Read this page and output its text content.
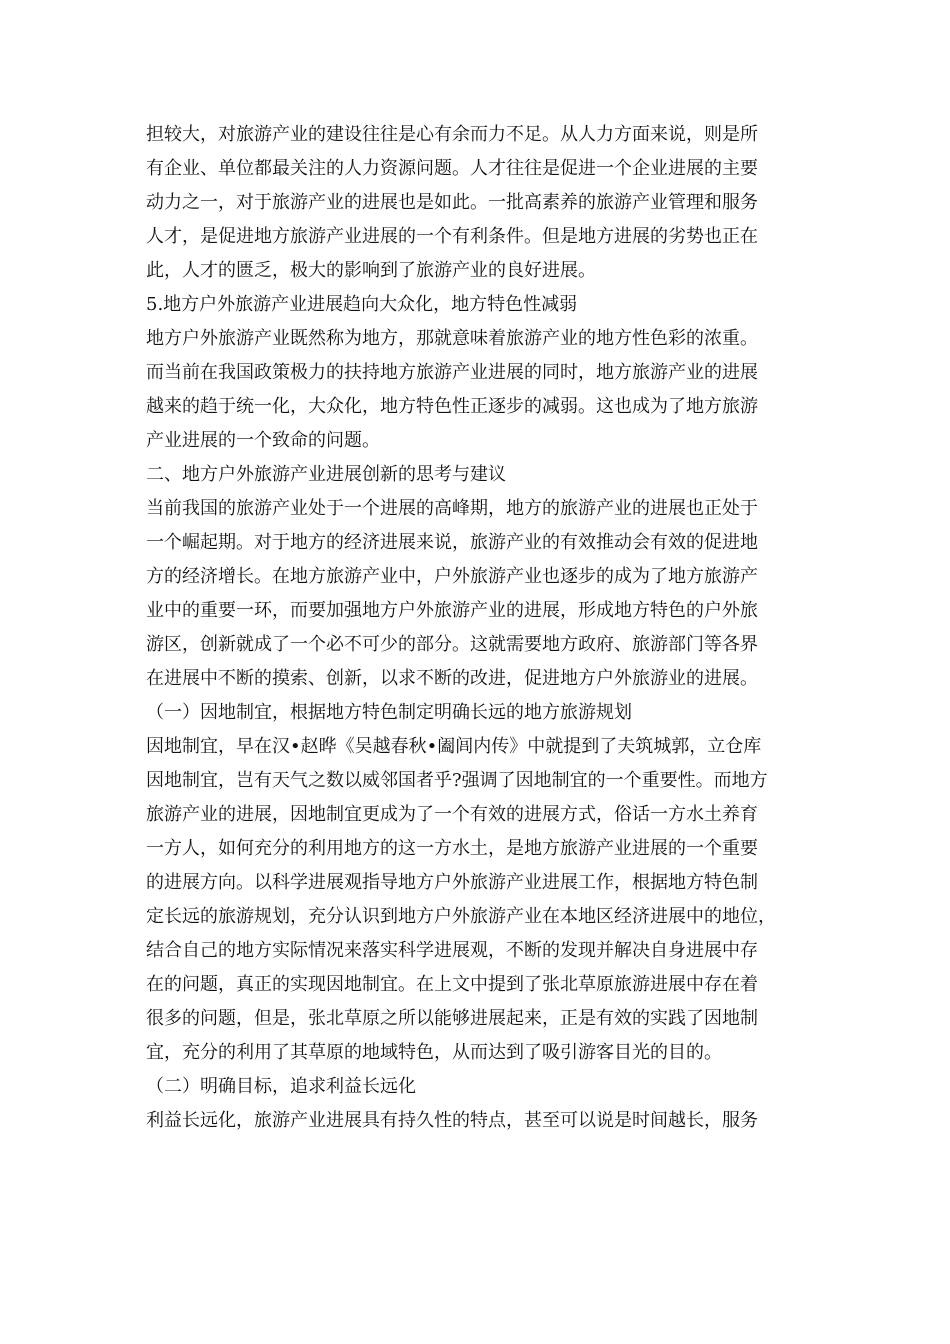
担较大，对旅游产业的建设往往是心有余而力不足。从人力方面来说，则是所
有企业、单位都最关注的人力资源问题。人才往往是促进一个企业进展的主要
动力之一，对于旅游产业的进展也是如此。一批高素养的旅游产业管理和服务
人才，是促进地方旅游产业进展的一个有利条件。但是地方进展的劣势也正在
此，人才的匮乏，极大的影响到了旅游产业的良好进展。
5.地方户外旅游产业进展趋向大众化，地方特色性减弱
地方户外旅游产业既然称为地方，那就意味着旅游产业的地方性色彩的浓重。
而当前在我国政策极力的扶持地方旅游产业进展的同时，地方旅游产业的进展
越来的趋于统一化，大众化，地方特色性正逐步的减弱。这也成为了地方旅游
产业进展的一个致命的问题。
二、地方户外旅游产业进展创新的思考与建议
当前我国的旅游产业处于一个进展的高峰期，地方的旅游产业的进展也正处于
一个崛起期。对于地方的经济进展来说，旅游产业的有效推动会有效的促进地
方的经济增长。在地方旅游产业中，户外旅游产业也逐步的成为了地方旅游产
业中的重要一环，而要加强地方户外旅游产业的进展，形成地方特色的户外旅
游区，创新就成了一个必不可少的部分。这就需要地方政府、旅游部门等各界
在进展中不断的摸索、创新，以求不断的改进，促进地方户外旅游业的进展。
（一）因地制宜，根据地方特色制定明确长远的地方旅游规划
因地制宜，早在汉•赵晔《吴越春秋•阖闾内传》中就提到了夫筑城郭，立仓库
因地制宜，岂有天气之数以威邻国者乎?强调了因地制宜的一个重要性。而地方
旅游产业的进展，因地制宜更成为了一个有效的进展方式，俗话一方水土养育
一方人，如何充分的利用地方的这一方水土，是地方旅游产业进展的一个重要
的进展方向。以科学进展观指导地方户外旅游产业进展工作，根据地方特色制
定长远的旅游规划，充分认识到地方户外旅游产业在本地区经济进展中的地位，
结合自己的地方实际情况来落实科学进展观，不断的发现并解决自身进展中存
在的问题，真正的实现因地制宜。在上文中提到了张北草原旅游进展中存在着
很多的问题，但是，张北草原之所以能够进展起来，正是有效的实践了因地制
宜，充分的利用了其草原的地域特色，从而达到了吸引游客目光的目的。
（二）明确目标，追求利益长远化
利益长远化，旅游产业进展具有持久性的特点，甚至可以说是时间越长，服务
